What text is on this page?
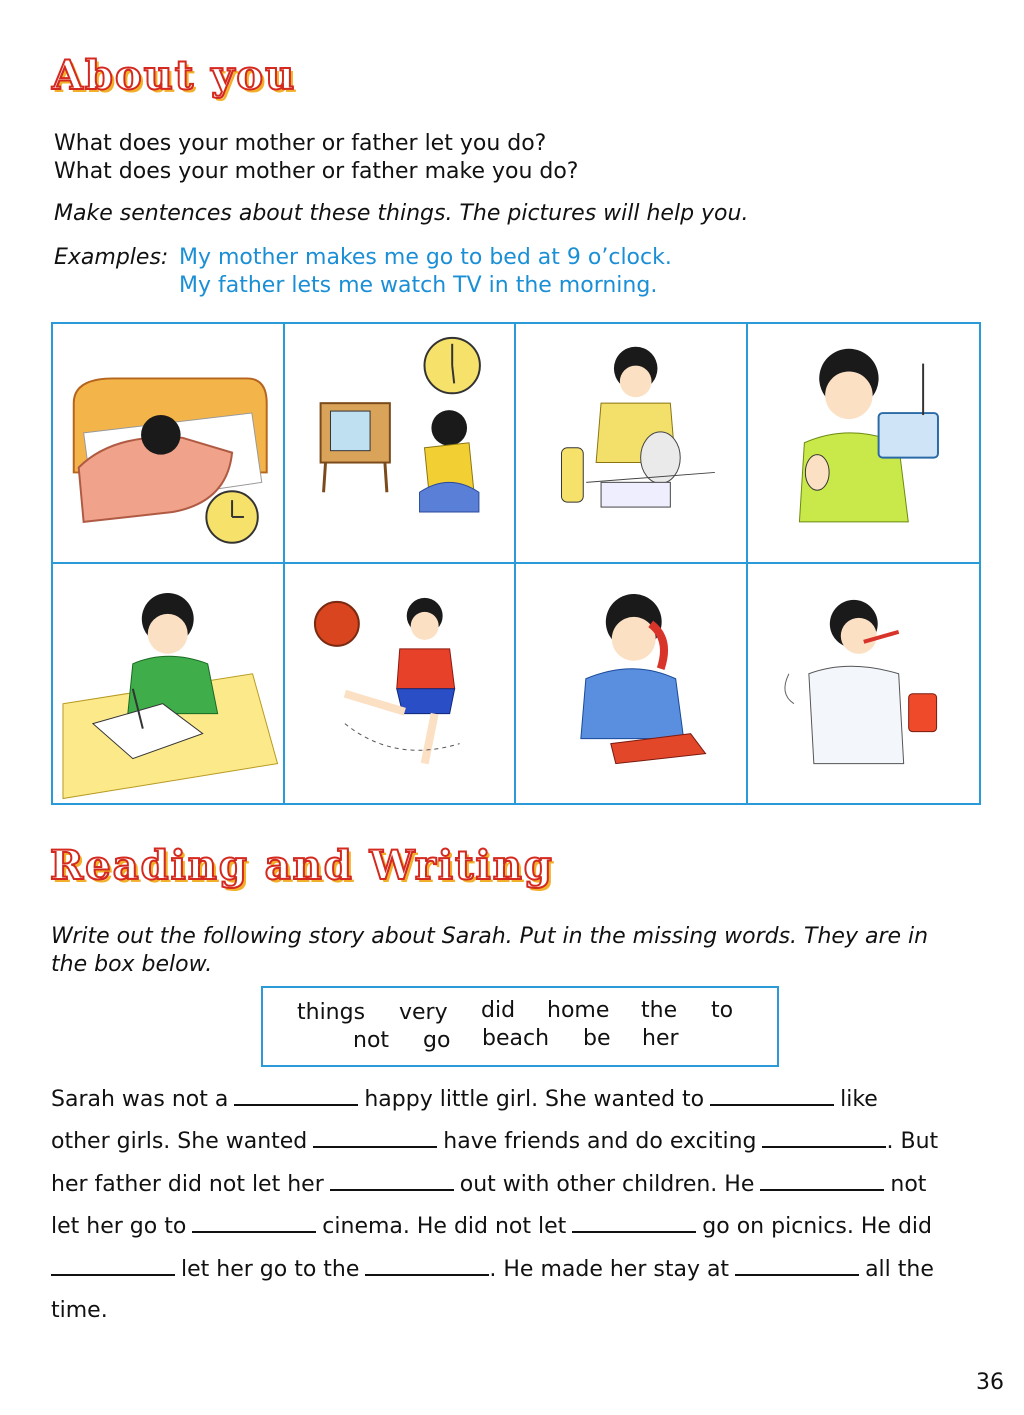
About you
What does your mother or father let you do?
What does your mother or father make you do?
Make sentences about these things. The pictures will help you.
Examples: My mother makes me go to bed at 9 o’clock.
My father lets me watch TV in the morning.
Reading and Writing
Write out the following story about Sarah. Put in the missing words. They are in
the box below.
things very did home the to
not go beach be her
Sarah was not a	happy little girl. She wanted to	like
other girls. She wanted	have friends and do exciting	. But
her father did not let her	out with other children. He	not
let her go to	cinema. He did not let	go on picnics. He did
let her go to the	. He made her stay at	all the
time.
36
